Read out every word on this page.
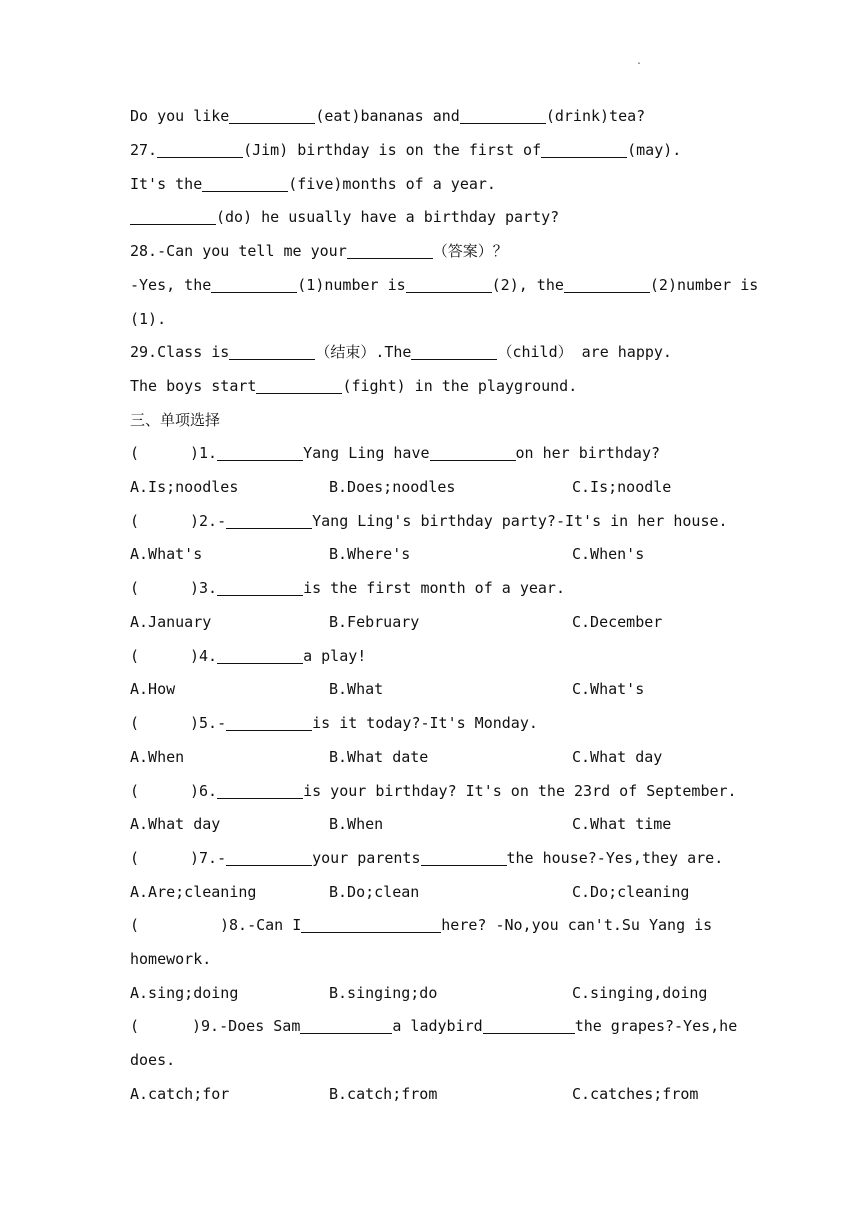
.
Do you like	(eat)bananas and	(drink)tea?
27.	(Jim) birthday is on the first of	(may).
It's the	(five)months of a year.
(do) he usually have a birthday party?
28.-Can you tell me your	（答案）？
-Yes, the	(1)number is	(2), the	(2)number is
(1).
29.Class is	（结束）.The	（child） are happy.
The boys start	(fight) in the playground.
三、单项选择
(	)1.	Yang Ling have	on her birthday?
A.Is;noodles	B.Does;noodles	C.Is;noodle
(	)2.-	Yang Ling's birthday party?-It's in her house.
A.What's	B.Where's	C.When's
(	)3.	is the first month of a year.
A.January	B.February	C.December
(	)4.	a play!
A.How	B.What	C.What's
(	)5.-	is it today?-It's Monday.
A.When	B.What date	C.What day
(	)6.	is your birthday? It's on the 23rd of September.
A.What day	B.When	C.What time
(	)7.-	your parents	the house?-Yes,they are.
A.Are;cleaning	B.Do;clean	C.Do;cleaning
(	)8.-Can I	here? -No,you can't.Su Yang is
homework.
A.sing;doing	B.singing;do	C.singing,doing
(	)9.-Does Sam	a ladybird	the grapes?-Yes,he
does.
A.catch;for	B.catch;from	C.catches;from
